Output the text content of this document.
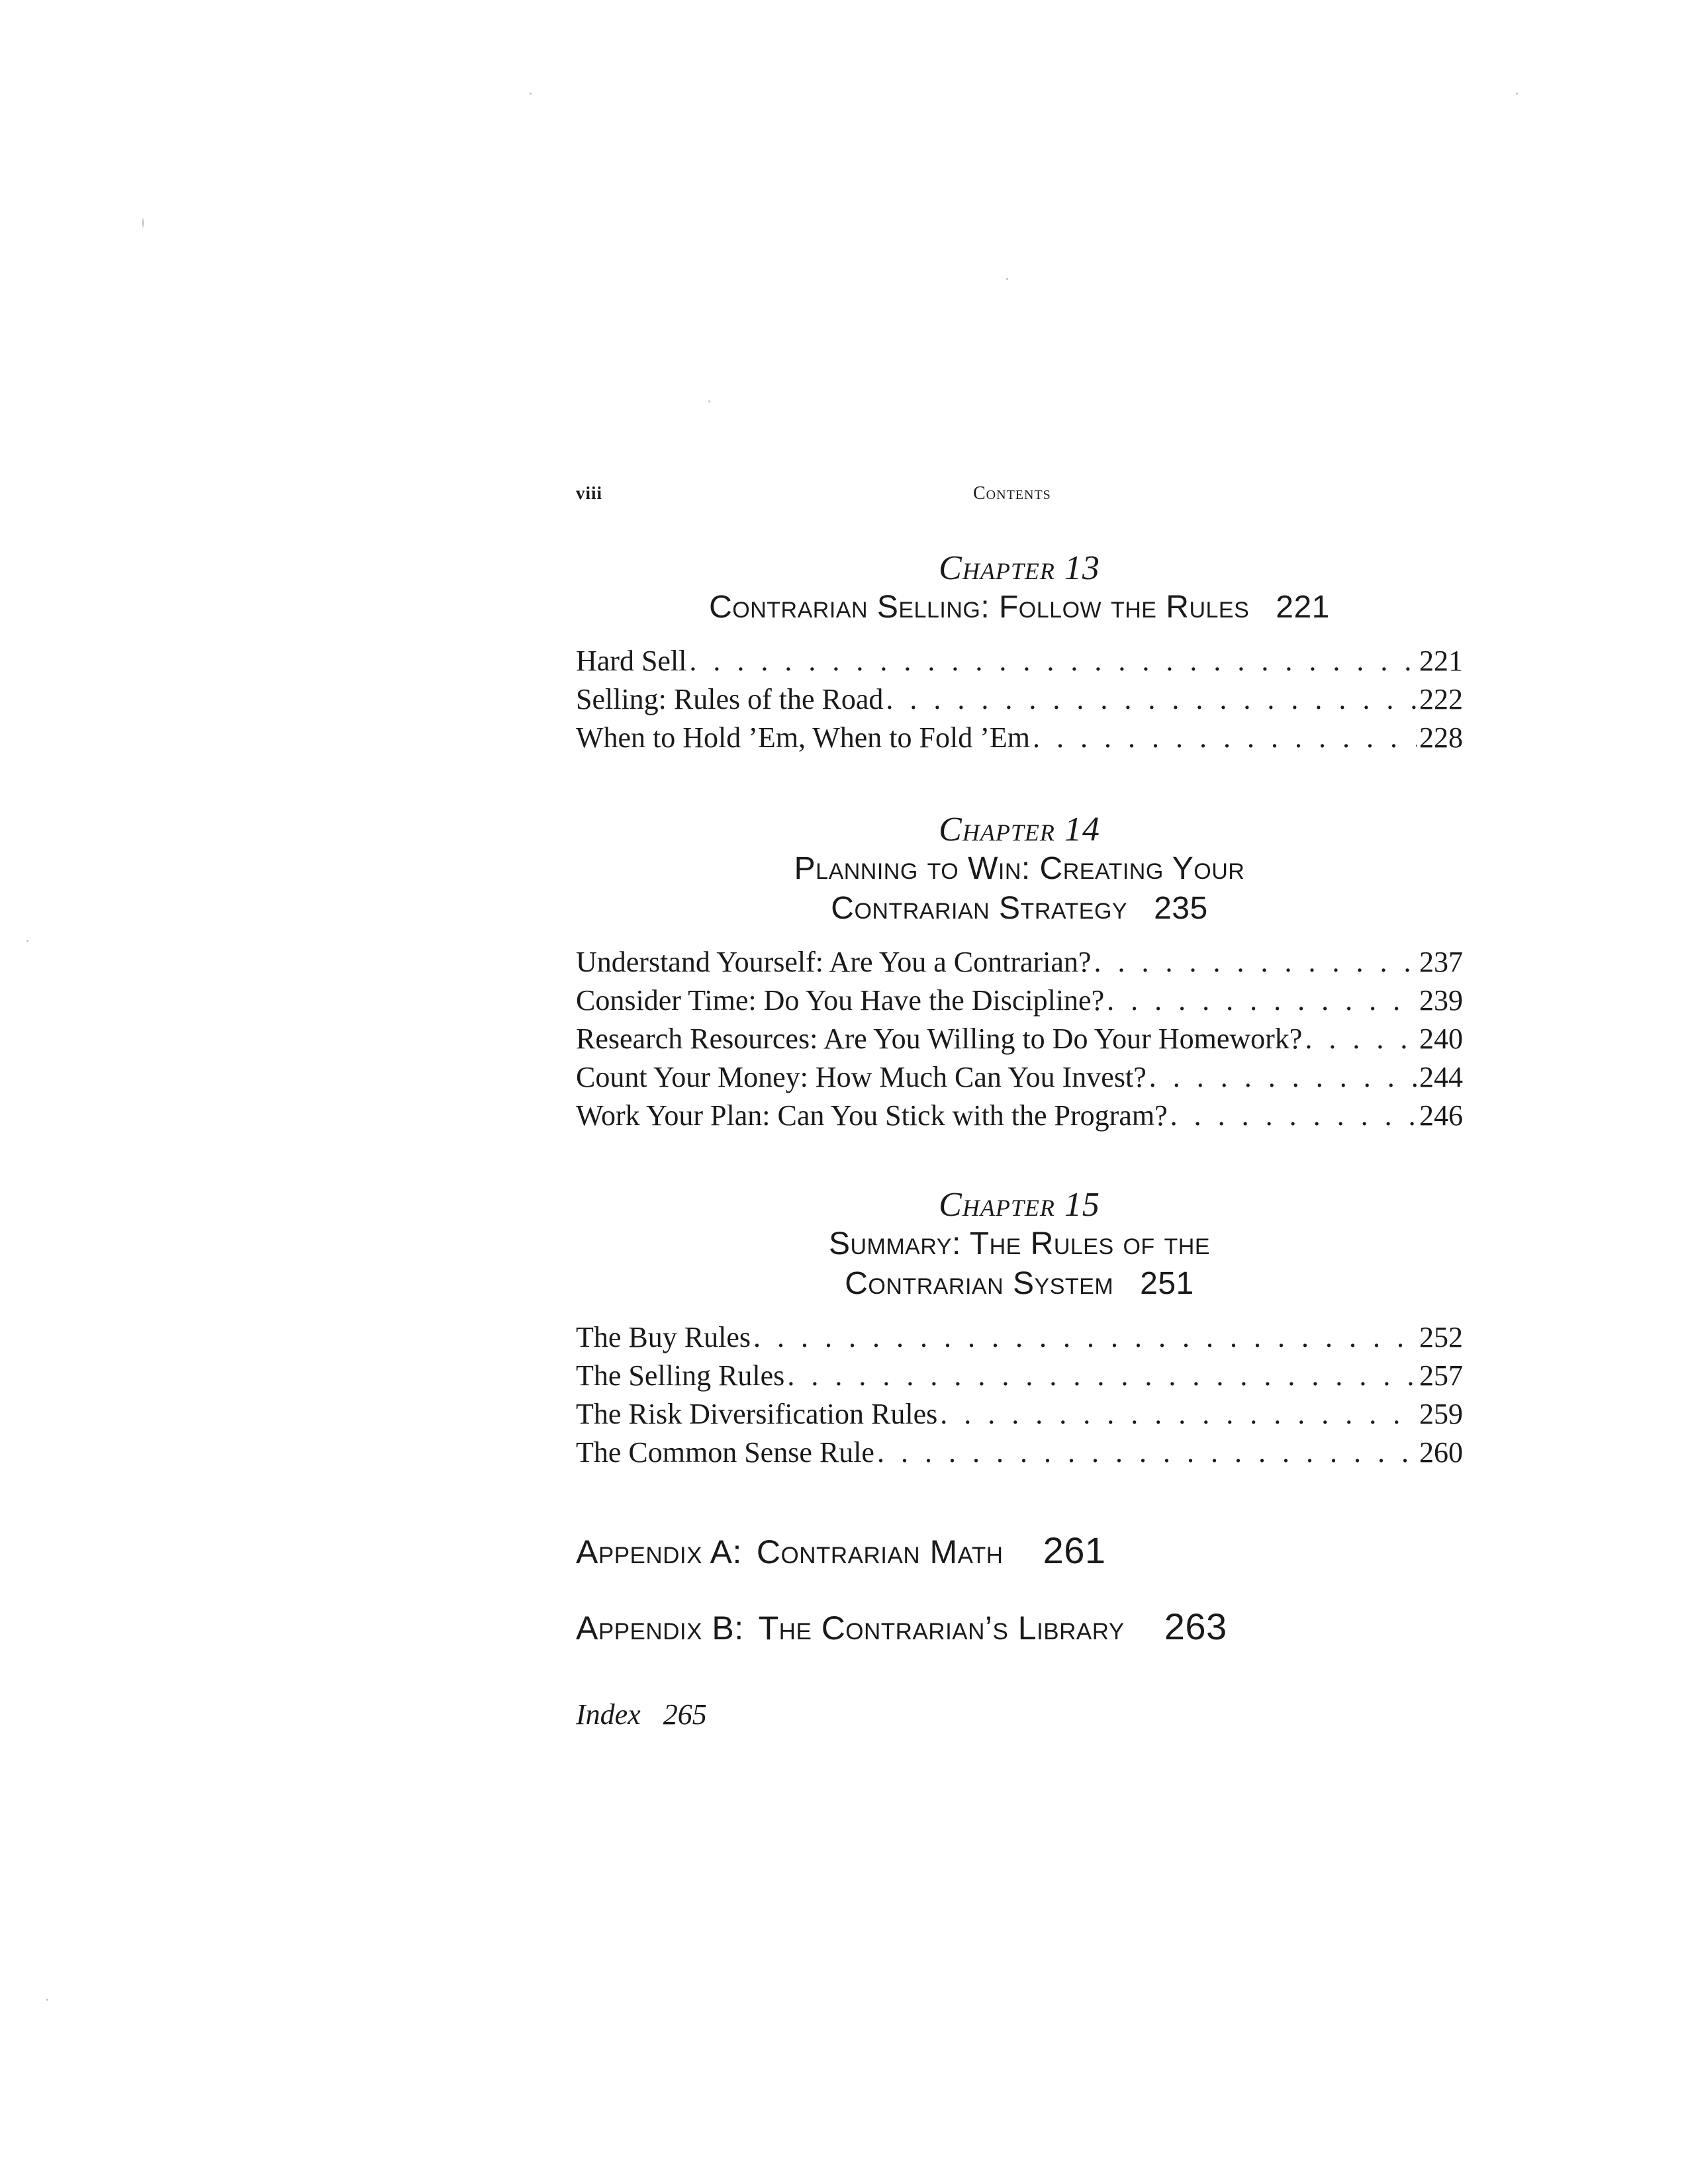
viii	Contents

Chapter 13

Contrarian Selling: Follow the Rules 221

Hard Sell . . .	221
Selling: Rules of the Road . . .	222
When to Hold ’Em, When to Fold ’Em . . .	228

Chapter 14

Planning to Win: Creating Your

Contrarian Strategy 235

Understand Yourself: Are You a Contrarian? . . .	237
Consider Time: Do You Have the Discipline? . . .	239
Research Resources: Are You Willing to Do Your Homework? . . .	240
Count Your Money: How Much Can You Invest? . . .	244
Work Your Plan: Can You Stick with the Program? . . .	246

Chapter 15

Summary: The Rules of the

Contrarian System 251

The Buy Rules . . .	252
The Selling Rules . . .	257
The Risk Diversification Rules . . .	259
The Common Sense Rule . . .	260
Appendix A: Contrarian Math 261
Appendix B: The Contrarian’s Library 263
Index 265
